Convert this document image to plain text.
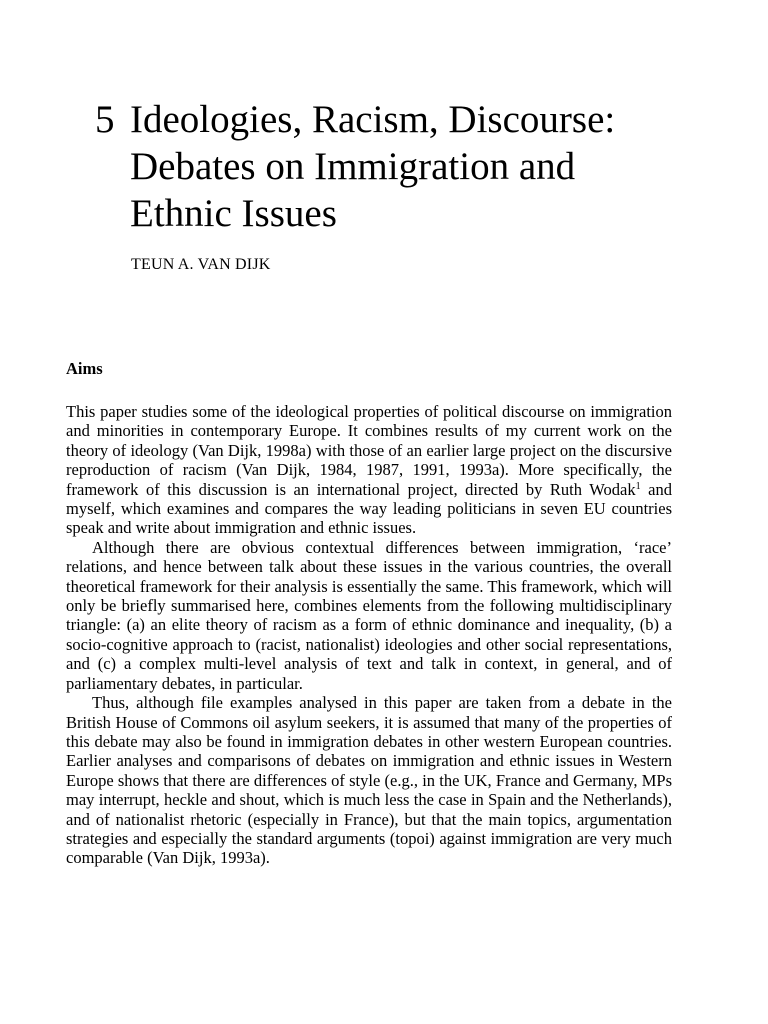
5 Ideologies, Racism, Discourse:
Debates on Immigration and
Ethnic Issues
TEUN A. VAN DIJK
Aims

This paper studies some of the ideological properties of political discourse on immigration and minorities in contemporary Europe. It combines results of my current work on the theory of ideology (Van Dijk, 1998a) with those of an earlier large project on the discursive reproduction of racism (Van Dijk, 1984, 1987, 1991, 1993a). More specifically, the framework of this discussion is an international project, directed by Ruth Wodak$^1$ and myself, which examines and compares the way leading politicians in seven EU countries speak and write about immigration and ethnic issues.

Although there are obvious contextual differences between immigration, ‘race’ relations, and hence between talk about these issues in the various countries, the overall theoretical framework for their analysis is essentially the same. This framework, which will only be briefly summarised here, combines elements from the following multidisciplinary triangle: (a) an elite theory of racism as a form of ethnic dominance and inequality, (b) a socio-cognitive approach to (racist, nationalist) ideologies and other social representations, and (c) a complex multi-level analysis of text and talk in context, in general, and of parliamentary debates, in particular.

Thus, although file examples analysed in this paper are taken from a debate in the British House of Commons oil asylum seekers, it is assumed that many of the properties of this debate may also be found in immigration debates in other western European countries. Earlier analyses and comparisons of debates on immigration and ethnic issues in Western Europe shows that there are differences of style (e.g., in the UK, France and Germany, MPs may interrupt, heckle and shout, which is much less the case in Spain and the Netherlands), and of nationalist rhetoric (especially in France), but that the main topics, argumentation strategies and especially the standard arguments (topoi) against immigration are very much comparable (Van Dijk, 1993a).
